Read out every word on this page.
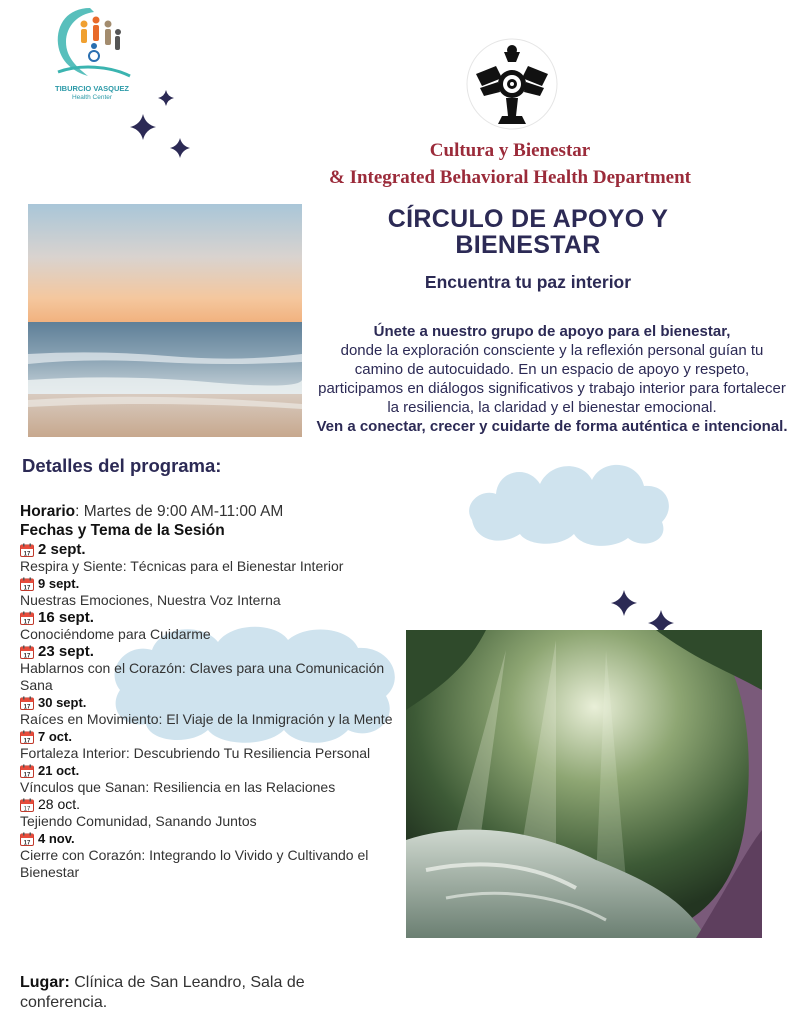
TIBURCIO VASQUEZ
Health Center
Cultura y Bienestar
& Integrated Behavioral Health Department
CÍRCULO DE APOYO Y BIENESTAR
Encuentra tu paz interior
Únete a nuestro grupo de apoyo para el bienestar,
donde la exploración consciente y la reflexión personal guían tu camino de autocuidado. En un espacio de apoyo y respeto, participamos en diálogos significativos y trabajo interior para fortalecer la resiliencia, la claridad y el bienestar emocional.
Ven a conectar, crecer y cuidarte de forma auténtica e intencional.
Detalles del programa:
Horario: Martes de 9:00 AM-11:00 AM
Fechas y Tema de la Sesión
17 2 sept.
Respira y Siente: Técnicas para el Bienestar Interior
17 9 sept.
Nuestras Emociones, Nuestra Voz Interna
17 16 sept.
Conociéndome para Cuidarme
17 23 sept.
Hablarnos con el Corazón: Claves para una Comunicación Sana
17 30 sept.
Raíces en Movimiento: El Viaje de la Inmigración y la Mente
17 7 oct.
Fortaleza Interior: Descubriendo Tu Resiliencia Personal
17 21 oct.
Vínculos que Sanan: Resiliencia en las Relaciones
17 28 oct.
Tejiendo Comunidad, Sanando Juntos
17 4 nov.
Cierre con Corazón: Integrando lo Vivido y Cultivando el Bienestar
Lugar: Clínica de San Leandro, Sala de conferencia.
